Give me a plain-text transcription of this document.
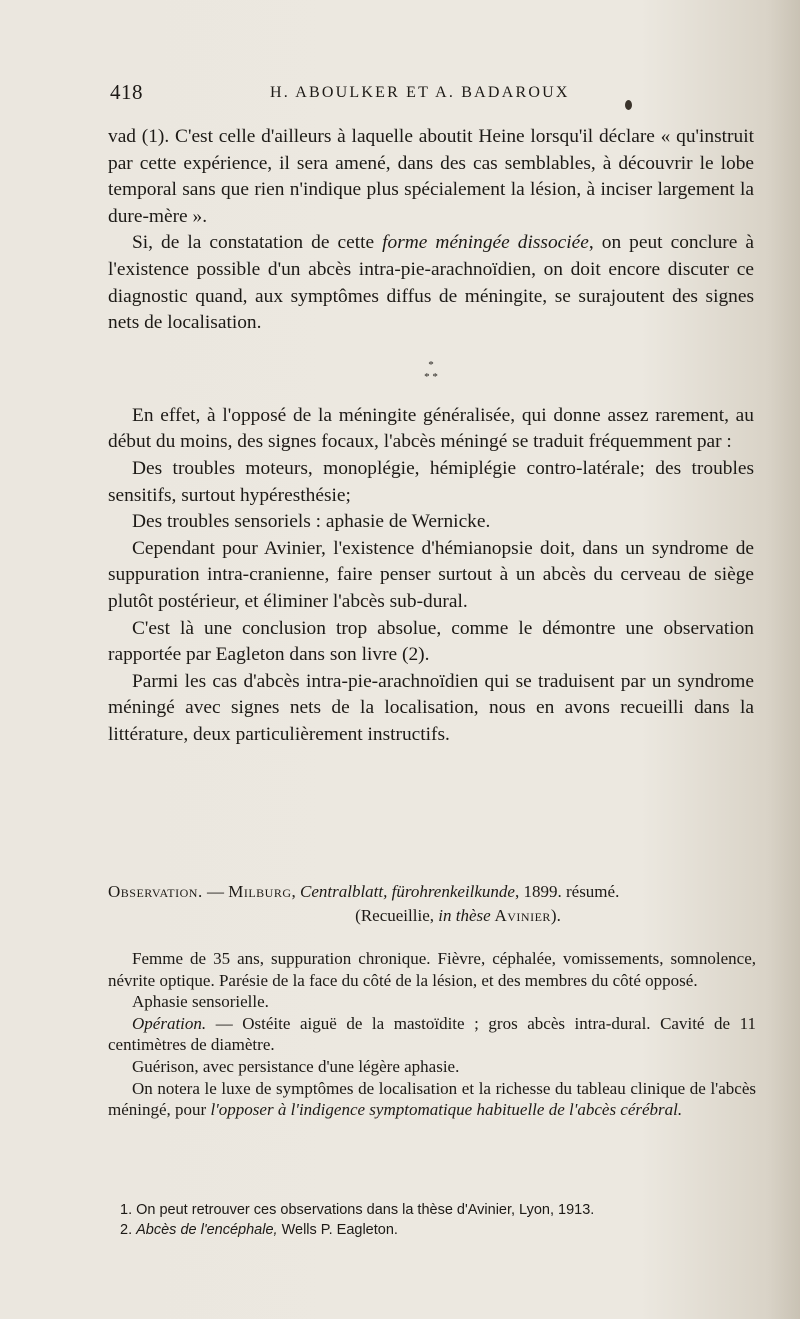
418	H. ABOULKER ET A. BADAROUX

vad (1). C'est celle d'ailleurs à laquelle aboutit Heine lorsqu'il déclare « qu'instruit par cette expérience, il sera amené, dans des cas semblables, à découvrir le lobe temporal sans que rien n'indique plus spécialement la lésion, à inciser largement la dure-mère ».

Si, de la constatation de cette forme méningée dissociée, on peut conclure à l'existence possible d'un abcès intra-pie-arachnoïdien, on doit encore discuter ce diagnostic quand, aux symptômes diffus de méningite, se surajoutent des signes nets de localisation.

*
* *

En effet, à l'opposé de la méningite généralisée, qui donne assez rarement, au début du moins, des signes focaux, l'abcès méningé se traduit fréquemment par :

Des troubles moteurs, monoplégie, hémiplégie contro-latérale; des troubles sensitifs, surtout hypéresthésie;

Des troubles sensoriels : aphasie de Wernicke.

Cependant pour Avinier, l'existence d'hémianopsie doit, dans un syndrome de suppuration intra-cranienne, faire penser surtout à un abcès du cerveau de siège plutôt postérieur, et éliminer l'abcès sub-dural.

C'est là une conclusion trop absolue, comme le démontre une observation rapportée par Eagleton dans son livre (2).

Parmi les cas d'abcès intra-pie-arachnoïdien qui se traduisent par un syndrome méningé avec signes nets de la localisation, nous en avons recueilli dans la littérature, deux particulièrement instructifs.

Observation. — Milburg, Centralblatt, fürohrenkeilkunde, 1899. résumé.
(Recueillie, in thèse Avinier).

Femme de 35 ans, suppuration chronique. Fièvre, céphalée, vomissements, somnolence, névrite optique. Parésie de la face du côté de la lésion, et des membres du côté opposé.

Aphasie sensorielle.

Opération. — Ostéite aiguë de la mastoïdite ; gros abcès intra-dural. Cavité de 11 centimètres de diamètre.

Guérison, avec persistance d'une légère aphasie.

On notera le luxe de symptômes de localisation et la richesse du tableau clinique de l'abcès méningé, pour l'opposer à l'indigence symptomatique habituelle de l'abcès cérébral.

1. On peut retrouver ces observations dans la thèse d'Avinier, Lyon, 1913.

2. Abcès de l'encéphale, Wells P. Eagleton.
